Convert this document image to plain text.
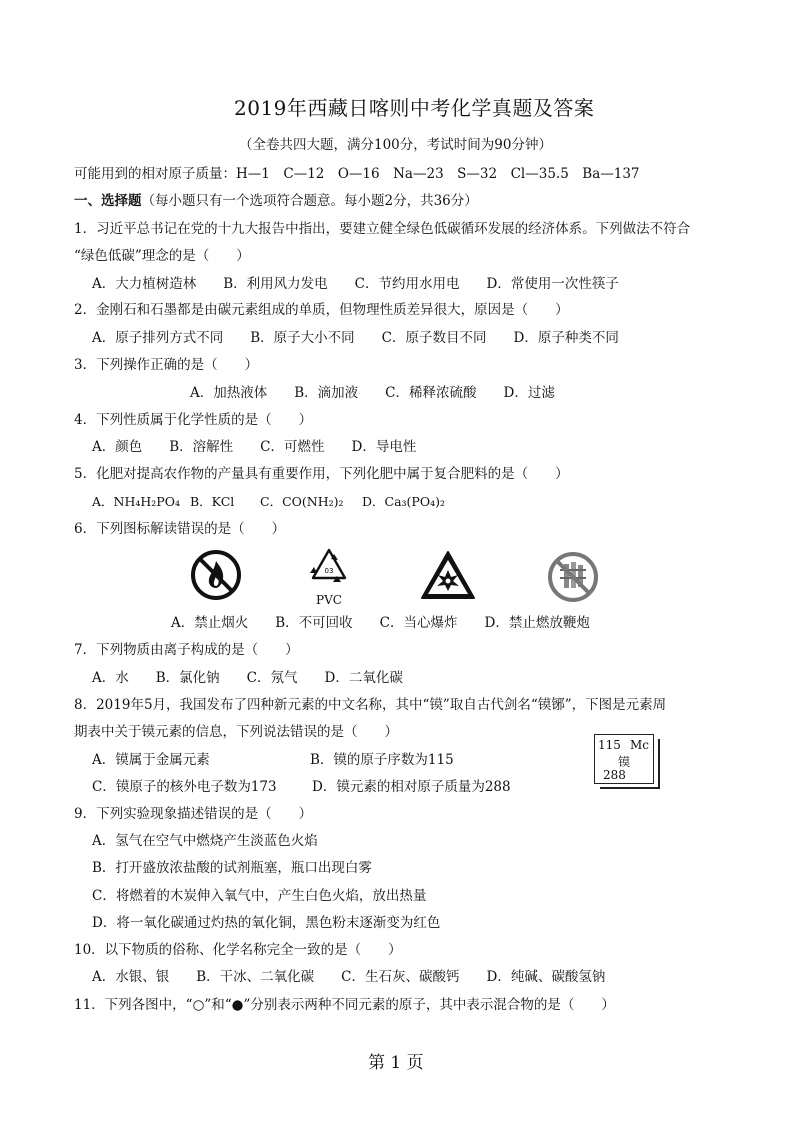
2019年西藏日喀则中考化学真题及答案
（全卷共四大题，满分100分，考试时间为90分钟）
可能用到的相对原子质量：H—1　C—12　O—16　Na—23　S—32　Cl—35.5　Ba—137
一、选择题（每小题只有一个选项符合题意。每小题2分，共36分）
1．习近平总书记在党的十九大报告中指出，要建立健全绿色低碳循环发展的经济体系。下列做法不符合
“绿色低碳”理念的是（　　）
A．大力植树造林　　B．利用风力发电　　C．节约用水用电　　D．常使用一次性筷子
2．金刚石和石墨都是由碳元素组成的单质，但物理性质差异很大，原因是（　　）
A．原子排列方式不同　　B．原子大小不同　　C．原子数目不同　　D．原子种类不同
3．下列操作正确的是（　　）
A．加热液体　　B．滴加液　　C．稀释浓硫酸　　D．过滤
4．下列性质属于化学性质的是（　　）
A．颜色　　B．溶解性　　C．可燃性　　D．导电性
5．化肥对提高农作物的产量具有重要作用，下列化肥中属于复合肥料的是（　　）
A．NH₄H₂PO₄ B．KCl C．CO(NH₂)₂ D．Ca₃(PO₄)₂
6．下列图标解读错误的是（　　）
03
PVC
A．禁止烟火　　B．不可回收　　C．当心爆炸　　D．禁止燃放鞭炮
7．下列物质由离子构成的是（　　）
A．水　　B．氯化钠　　C．氖气　　D．二氧化碳
8．2019年5月，我国发布了四种新元素的中文名称，其中“镆”取自古代剑名“镆铘”，下图是元素周
期表中关于镆元素的信息，下列说法错误的是（　　）
A．镆属于金属元素	B．镆的原子序数为115
C．镆原子的核外电子数为173	D．镆元素的相对原子质量为288
115 Mc
镆
288
9．下列实验现象描述错误的是（　　）
A．氢气在空气中燃烧产生淡蓝色火焰
B．打开盛放浓盐酸的试剂瓶塞，瓶口出现白雾
C．将燃着的木炭伸入氧气中，产生白色火焰，放出热量
D．将一氧化碳通过灼热的氧化铜，黑色粉末逐渐变为红色
10．以下物质的俗称、化学名称完全一致的是（　　）
A．水银、银　　B．干冰、二氧化碳　　C．生石灰、碳酸钙　　D．纯碱、碳酸氢钠
11．下列各图中，“○”和“●”分别表示两种不同元素的原子，其中表示混合物的是（　　）
第 1 页
